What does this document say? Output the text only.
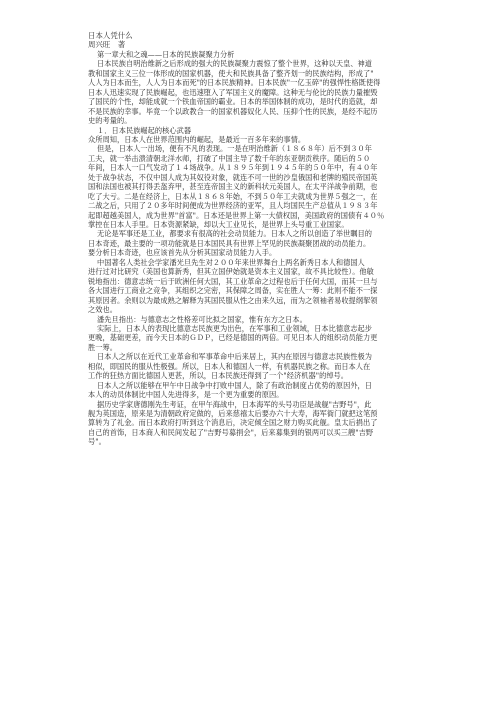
日本人凭什么
周兴旺　著
第一章大和之魂——日本的民族凝聚力分析
日本民族自明治维新之后形成的强大的民族凝聚力震惊了整个世界，这种以天皇、神道
教和国家主义三位一体形成的国家机器，使大和民族具备了整齐划一的民族结构，形成了"
人人为日本而生，人人为日本而死"的日本民族精神。日本民族"一亿玉碎"的强悍性格既使得
日本人迅速实现了民族崛起，也迅速堕入了军国主义的魔障。这种无与伦比的民族力量摧毁
了国民的个性，却能成就一个铁血帝国的霸业。日本的举国体制的成功，是时代的造就，却
不是民族的幸事。毕竟一个以政教合一的国家机器奴化人民、压抑个性的民族，是经不起历
史的考量的。
１．日本民族崛起的核心武器
众所周知，日本人在世界范围内的崛起，是最近一百多年来的事情。
但是，日本人一出场，便有不凡的表现。一是在明治维新（１８６８年）后不到３０年
工夫，就一举击溃清朝北洋水师，打破了中国主导了数千年的东亚朝贡秩序。随后的５０
年间，日本人一口气发动了１４场战争。从１８９５年到１９４５年的５０年中，有４０年
处于战争状态，不仅中国人成为其奴役对象，就连不可一世的沙皇俄国和老牌的殖民帝国英
国和法国也被其打得丢盔弃甲，甚至连帝国主义的新科状元美国人，在太平洋战争前期，也
吃了大亏。二是在经济上，日本从１８６８年始，不到５０年工夫就成为世界５强之一，在
二战之后，只用了２０多年时间便成为世界经济的亚军，且人均国民生产总值从１９８３年
起即超越美国人，成为世界"首富"。日本还是世界上第一大债权国，美国政府的国债有４０％
掌控在日本人手里。日本资源紧缺，却以大工业见长，是世界上头号重工业国家。
无论是军事还是工业，都要求有很高的社会动员能力。日本人之所以创造了举世瞩目的
日本奇迹，最主要的一项功能就是日本国民具有世界上罕见的民族凝聚团战的动员能力。
要分析日本奇迹，也应该首先从分析其国家动员能力入手。
中国著名人类社会学家潘光旦先生对２００年来世界舞台上两名新秀日本人和德国人
进行过对比研究（美国也算新秀，但其立国伊始就是资本主义国家，故不具比较性）。他敏
锐地指出：德意志统一后于欧洲任何大国，其工业革命之过程也后于任何大国，而其一旦与
各大国进行工商业之竞争，其组织之完密，其保障之周备，实在胜人一筹：此则不能不一探
其原因者。余则以为最成熟之解释为其国民服从性之由来久远，而为之领袖者易收提纲挈领
之效也。
潘先旦指出：与德意志之性格差可比拟之国家，惟有东方之日本。
实际上，日本人的表现比德意志民族更为出色，在军事和工业领域，日本比德意志起步
更晚，基础更差，而今天日本的ＧＤＰ，已经是德国的两倍。可见日本人的组织动员能力更
胜一筹。
日本人之所以在近代工业革命和军事革命中后来居上，其内在原因与德意志民族性极为
相似，即国民的服从性极强。所以，日本人和德国人一样，有机器民族之称。而日本人在
工作的狂热方面比德国人更甚，所以，日本民族还得到了一个"经济机器"的绰号。
日本人之所以能够在甲午中日战争中打败中国人，除了有政治制度占优势的原因外，日
本人的动员体制比中国人先进得多，是一个更为重要的原因。
据历史学家唐德刚先生考证，在甲午海战中，日本海军的头号功臣是战舰"吉野号"，此
舰为英国造，原来是为清朝政府定做的，后来慈禧太后要办六十大寿，海军衙门就把这笔预
算转为了礼金。而日本政府打听到这个消息后，决定倾全国之财力购买此舰。皇太后捐出了
自己的首饰，日本商人和民间发起了"吉野号募捐会"，后来募集到的银两可以买三艘"吉野
号"。
